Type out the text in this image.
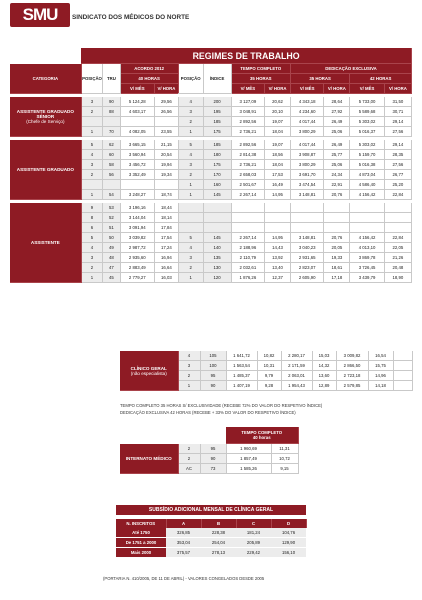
SMU	SINDICATO DOS MÉDICOS DO NORTE
	REGIMES DE TRABALHO											
CATEGORIA	POSIÇÃO	TRU	ACORDO 2012		POSIÇÃO	ÍNDICE	TEMPO COMPLETO		DEDICAÇÃO EXCLUSIVA			
			40 HORAS				35 HORAS		35 HORAS		42 HORAS	
			V/ MÊS	V/ HORA			V/ MÊS	V/ HORA	V/ MÊS	V/ HORA	V/ MÊS	V/ HORA

ASSISTENTE GRADUADO SÉNIOR
(Chefe de Serviço)	3	90	5 124,28	29,56	4	200	3 127,09	20,62	4 343,18	28,64	5 733,00	31,50
	2	88	4 603,17	26,56	3	195	3 048,91	20,10	4 234,60	27,92	5 589,68	30,71
					2	185	2 892,56	19,07	4 017,44	26,49	5 303,02	29,14
	1	70	4 082,05	23,55	1	175	2 736,21	18,04	3 800,29	25,06	5 016,37	27,56

ASSISTENTE GRADUADO	5	62	3 665,15	21,15	5	185	2 892,56	19,07	4 017,44	26,49	5 303,02	29,14
	4	60	3 560,94	20,54	4	180	2 814,38	18,56	3 908,87	25,77	5 159,70	28,35
	3	58	3 456,72	19,94	3	175	2 736,21	18,04	3 800,29	25,06	5 016,38	27,56
	2	56	3 352,49	19,34	2	170	2 658,03	17,53	3 691,70	24,34	4 873,04	26,77
					1	160	2 501,67	16,49	3 474,54	22,91	4 586,40	25,20
	1	54	3 248,27	18,74	1	145	2 267,14	14,95	3 148,81	20,76	4 156,42	22,84

ASSISTENTE	9	53	3 196,16	18,44								
	8	52	3 144,04	18,14								
	6	51	3 091,94	17,84								
	5	50	3 039,82	17,54	5	145	2 267,14	14,95	3 148,81	20,76	4 156,42	22,84
	4	49	2 987,72	17,24	4	140	2 188,96	14,43	3 040,23	20,05	4 013,10	22,05
	3	48	2 935,60	16,94	3	135	2 110,79	13,92	2 931,65	19,33	3 869,78	21,26
	2	47	2 883,49	16,64	2	130	2 032,61	13,40	2 823,07	18,61	3 726,45	20,48
	1	45	2 779,27	16,03	1	120	1 876,26	12,37	2 605,90	17,18	3 439,79	18,90
CLÍNICO GERAL
(não especialista)	4	105	1 641,72	10,82	2 280,17	15,03	3 009,82	16,54	
	3	100	1 563,54	10,31	2 171,59	14,32	2 866,50	15,75	
	2	95	1 485,37	9,79	2 063,01	13,60	2 723,18	14,96	
	1	90	1 407,19	9,28	1 954,43	12,89	2 579,85	14,18	
TEMPO COMPLETO 35 HORAS S/ EXCLUSIVIDADE (RECEBE 72% DO VALOR DO RESPETIVO ÍNDICE)
DEDICAÇÃO EXCLUSIVA 42 HORAS (RECEBE + 33% DO VALOR DO RESPETIVO ÍNDICE)

			TEMPO COMPLETO
40 horas	

INTERNATO MÉDICO	2	95	1 960,69	11,31
	2	90	1 857,49	10,72
	AC	73	1 585,26	9,15
SUBSÍDIO ADICIONAL MENSAL DE CLÍNICA GERAL				

N. INSCRITOS	A	B	C	D
Até 1750	326,85	228,38	181,24	104,76
De 1751 a 2000	353,04	254,04	205,89	129,90
Mais 2000	375,57	278,13	229,42	156,10
(PORTARIA N. 410/2005, DE 11 DE ABRIL) - VALORES CONGELADOS DESDE 2005
